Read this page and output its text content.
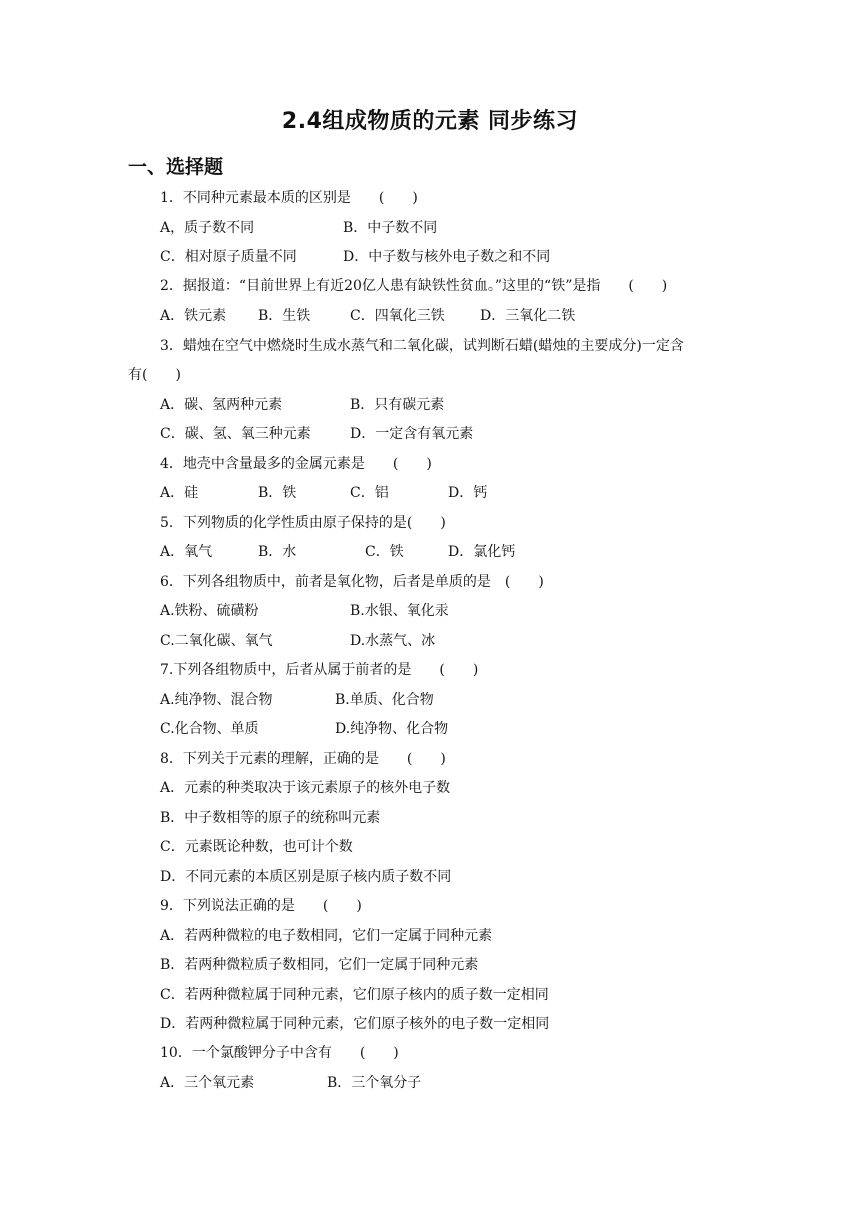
2.4组成物质的元素 同步练习
一、选择题
1．不同种元素最本质的区别是　　(　　)
A，质子数不同	B．中子数不同
C．相对原子质量不同	D．中子数与核外电子数之和不同
2．据报道：“目前世界上有近20亿人患有缺铁性贫血。”这里的“铁”是指　　(　　)
A．铁元素 B．生铁	C．四氧化三铁	D．三氧化二铁
3．蜡烛在空气中燃烧时生成水蒸气和二氧化碳，试判断石蜡(蜡烛的主要成分)一定含
有(　　)
A．碳、氢两种元素	B．只有碳元素
C．碳、氢、氧三种元素	D．一定含有氧元素
4．地壳中含量最多的金属元素是　　(　　)
A．硅	B．铁	C．铝	D．钙
5．下列物质的化学性质由原子保持的是(　　)
A．氧气	B．水	C．铁	D．氯化钙
6．下列各组物质中，前者是氧化物，后者是单质的是　(　　)
A.铁粉、硫磺粉	B.水银、氧化汞
C.二氧化碳、氧气	D.水蒸气、冰
7.下列各组物质中，后者从属于前者的是　　(　　)
A.纯净物、混合物	B.单质、化合物
C.化合物、单质	D.纯净物、化合物
8．下列关于元素的理解，正确的是　　(　　)
A．元素的种类取决于该元素原子的核外电子数
B．中子数相等的原子的统称叫元素
C．元素既论种数，也可计个数
D．不同元素的本质区别是原子核内质子数不同
9．下列说法正确的是　　(　　)
A．若两种微粒的电子数相同，它们一定属于同种元素
B．若两种微粒质子数相同，它们一定属于同种元素
C．若两种微粒属于同种元素，它们原子核内的质子数一定相同
D．若两种微粒属于同种元素，它们原子核外的电子数一定相同
10．一个氯酸钾分子中含有　　(　　)
A．三个氧元素	B．三个氧分子
